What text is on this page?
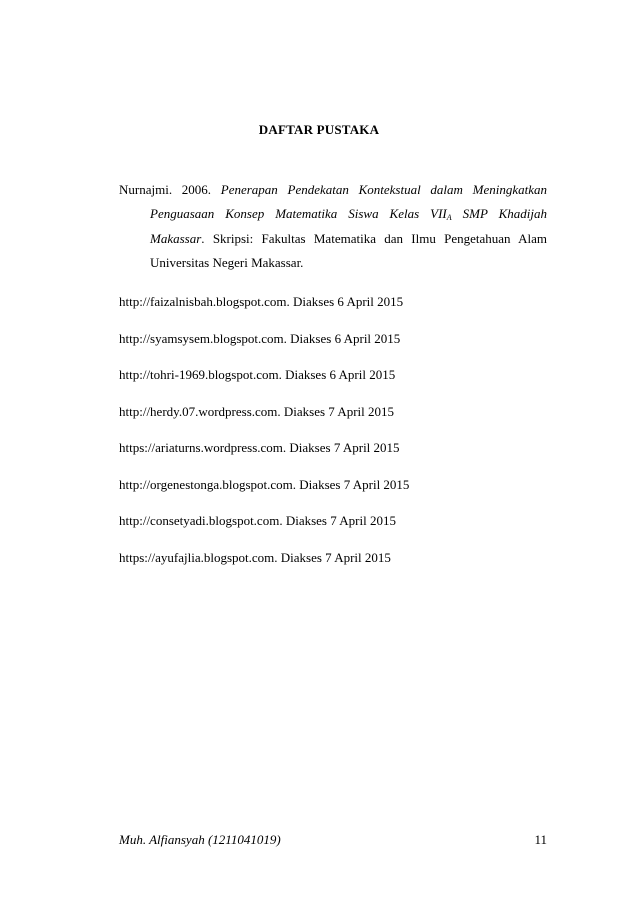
DAFTAR PUSTAKA
Nurnajmi. 2006. Penerapan Pendekatan Kontekstual dalam Meningkatkan
Penguasaan Konsep Matematika Siswa Kelas $VII_A$ SMP Khadijah
Makassar. Skripsi: Fakultas Matematika dan Ilmu Pengetahuan Alam
Universitas Negeri Makassar.
http://faizalnisbah.blogspot.com. Diakses 6 April 2015
http://syamsysem.blogspot.com. Diakses 6 April 2015
http://tohri-1969.blogspot.com. Diakses 6 April 2015
http://herdy.07.wordpress.com. Diakses 7 April 2015
https://ariaturns.wordpress.com. Diakses 7 April 2015
http://orgenestonga.blogspot.com. Diakses 7 April 2015
http://consetyadi.blogspot.com. Diakses 7 April 2015
https://ayufajlia.blogspot.com. Diakses 7 April 2015
Muh. Alfiansyah (1211041019)	11
